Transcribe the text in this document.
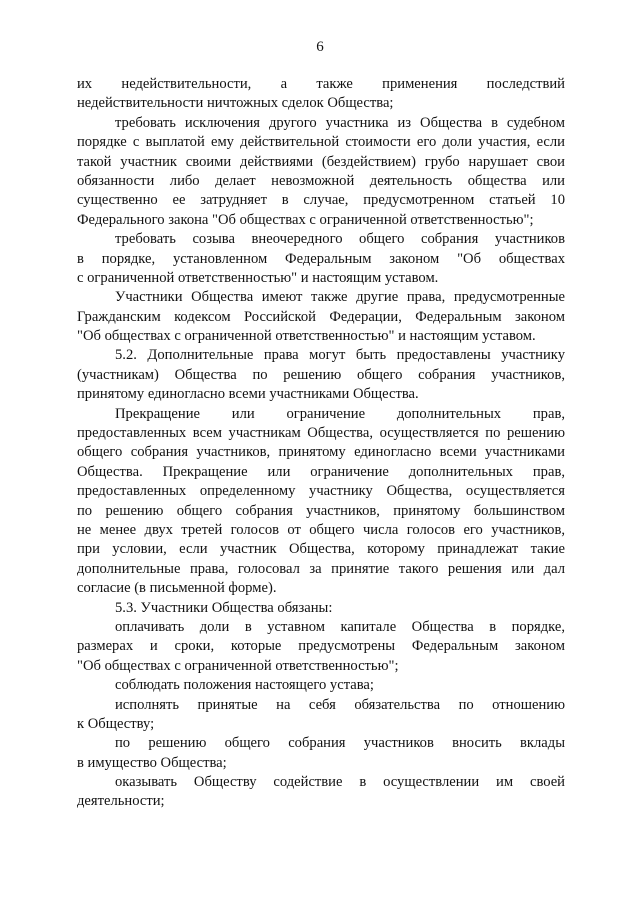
6
их недействительности, а также применения последствий
недействительности ничтожных сделок Общества;
требовать исключения другого участника из Общества в судебном
порядке с выплатой ему действительной стоимости его доли участия, если
такой участник своими действиями (бездействием) грубо нарушает свои
обязанности либо делает невозможной деятельность общества или
существенно ее затрудняет в случае, предусмотренном статьей 10
Федерального закона "Об обществах с ограниченной ответственностью";
требовать созыва внеочередного общего собрания участников
в порядке, установленном Федеральным законом "Об обществах
с ограниченной ответственностью" и настоящим уставом.
Участники Общества имеют также другие права, предусмотренные
Гражданским кодексом Российской Федерации, Федеральным законом
"Об обществах с ограниченной ответственностью" и настоящим уставом.
5.2. Дополнительные права могут быть предоставлены участнику
(участникам) Общества по решению общего собрания участников,
принятому единогласно всеми участниками Общества.
Прекращение или ограничение дополнительных прав,
предоставленных всем участникам Общества, осуществляется по решению
общего собрания участников, принятому единогласно всеми участниками
Общества. Прекращение или ограничение дополнительных прав,
предоставленных определенному участнику Общества, осуществляется
по решению общего собрания участников, принятому большинством
не менее двух третей голосов от общего числа голосов его участников,
при условии, если участник Общества, которому принадлежат такие
дополнительные права, голосовал за принятие такого решения или дал
согласие (в письменной форме).
5.3. Участники Общества обязаны:
оплачивать доли в уставном капитале Общества в порядке,
размерах и сроки, которые предусмотрены Федеральным законом
"Об обществах с ограниченной ответственностью";
соблюдать положения настоящего устава;
исполнять принятые на себя обязательства по отношению
к Обществу;
по решению общего собрания участников вносить вклады
в имущество Общества;
оказывать Обществу содействие в осуществлении им своей
деятельности;
